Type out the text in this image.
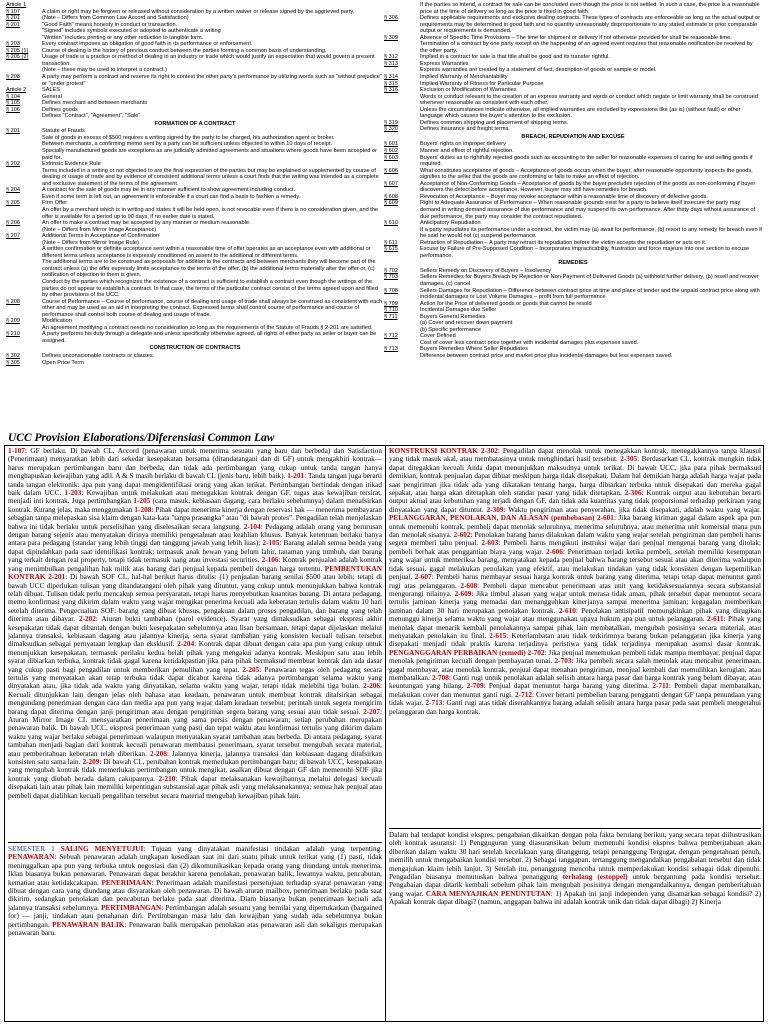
Article 1
§ 107	A claim or right may be forgiven or released without consideration by a written waiver or release signed by the aggrieved party.
§ 201	(Note – Differs from Common Law Accord and Satisfaction)
§ 201	"Good Faith" means honesty in conduct or transaction.
"Signed" includes symbols executed or adopted to authenticate a writing
"Written" includes printing or any other reduction to tangible form.
§ 203	Every contract imposes an obligation of good faith in its performance or enforcement.
§ 205 (1)	Course of dealing is the history of previous conduct between the parties forming a common basis of understanding.
§ 205 (2)	Usage of trade is a practice or method of dealing in an industry or trade which would justify an expectation that would govern a present transaction.
(Note – these may be used to interpret a contract.)
§ 208	A party may perform a contract and reserve its right to contest the other party's performance by utilizing words such as "without prejudice" or "under protest"
Article 2	SALES
§ 104	General
§ 105	Defines merchant and between merchants
§ 106	Defines goods
Defines "Contract", "Agreement", "Sale"
FORMATION OF A CONTRACT
§ 201	Statute of Frauds
Sale of goods in excess of $500 requires a writing signed by the party to be charged, his authorization agent or broker.
Between merchants, a confirming memo sent by a party can be sufficient unless objected to within 10 days of receipt.
Specially manufactured goods are exceptions as are judicially admitted agreements and situations where goods have been accepted or paid for.
§ 202	Extrinsic Evidence Rule
Terms included in a writing or not objected to are the final expression of the parties but may be explained or supplemented by course of dealing or usage of trade and by evidence of consistent additional terms unless a court finds that the writing was intended as a complete and exclusive statement of the terms of the agreement.
§ 204	A contract for the sale of goods may be in any manner sufficient to show agreement including conduct.
Even if some term is left out, an agreement is enforceable if a court can find a basis to fashion a remedy.
§ 205	Firm Offer
An offer by a merchant which is in writing and states it will be held open, is not revocable even if there is no consideration given, and the offer is available for a period up to 90 days, if no earlier date is stated.
§ 206	An offer to make a contract may be accepted by any manner or medium reasonable.
(Note – Differs from Mirror Image Acceptance)
§ 207	Additional Terms in Acceptance of Confirmation
(Note – Differs from Mirror Image Rule)
A written confirmation or definite acceptance sent within a reasonable time of offer operates as an acceptance even with additional or different terms unless acceptance is expressly conditioned on assent to the additional or different terms.
The additional terms are to be construed as proposals for addition to the contracts and between merchants they will become part of the contract unless (a) the offer expressly limits acceptance to the terms of the offer, (b) the additional terms materially alter the offer or, (c) notification of objection to them is given.
Conduct by the parties which recognizes the existence of a contract is sufficient to establish a contract even though the writings of the parties do not appear to establish a contract. In that case, the terms of the particular contract consist of the terms agreed upon and filled by other provisions of the UCC.
§ 208	Course of Performance – Course of performance, course of dealing and usage of trade shall always be construed as consistent with each other and may be used as an aid in interpreting the contract. Expressed terms shall control course of performance and course of performance shall control both course of dealing and usage of trade.
§ 209	Modification
An agreement modifying a contract needs no consideration so long as the requirements of the Statute of Frauds § 2-201 are satisfied.
§ 210	A party performs his duty through a delegate and unless specifically otherwise agreed, all rights of either party as seller or buyer can be assigned.
CONSTRUCTION OF CONTRACTS
§ 302	Defines unconscionable contracts or clauses.
§ 305	Open Price Term
If the parties so intend, a contract for sale can be concluded even though the price is not settled. In such a case, the price is a reasonable price at the time of delivery so long as the price is fixed in good faith.
§ 306	Defines applicable requirements and exclusive dealing contracts. These types of contracts are enforceable so long as the actual output or requirements may be determined in good faith and no quantity unreasonably disproportionate to any stated estimate or prior comparable output or requirements is demanded.
§ 309	Absence of Specific Time Provisions – The time for shipment or delivery if not otherwise provided for shall be reasonable time. Termination of a contract by one party except on the happening of an agreed event requires that reasonable notification be received by the other party.
§ 312	Implied in a contract for sale is that title shall be good and its transfer rightful.
§ 313	Express Warranties
Express warranties are created by a statement of fact, description of goods or sample or model.
§ 314	Implied Warranty of Merchantability
§ 315	Implied Warranty of Fitness for Particular Purpose
§ 316	Exclusion or Modification of Warranties
Words or conduct relevant to the creation of an express warranty and words or conduct which negate or limit warranty shall be construed whenever reasonable as consistent with each other.
Unless the circumstances indicate otherwise, all implied warranties are excluded by expressions like (as is) (without fault) or other language which causes the buyer's attention to the exclusion.
§ 319	Defines common shipping and placement of shipping terms.
§ 320	Defines insurance and freight terms.
BREACH, REPUDIATION AND EXCUSE
§ 601	Buyers' rights on improper delivery
§ 602	Manner and effect of rightful rejection.
§ 603	Buyers' duties as to rightfully rejected goods such as accounting to the seller for reasonable expenses of caring for and selling goods if required.
§ 606	What constitutes acceptance of goods – Acceptance of goods occurs when the buyer, after reasonable opportunity inspects the goods, signifies to the seller that the goods are conforming or fails to make an effect of rejection.
§ 607	Acceptance of Non-Conforming Goods – Acceptance of goods by the buyer precludes rejection of the goods as non-conforming if buyer discovers the defect before acceptance. However, buyer may still have remedies for breach.
§ 608	Revocation of Acceptance – Buyer may revoke acceptance within a reasonable time of discovery of defective goods.
§ 609	Right to Adequate Assurance of Performance – When reasonable grounds exist for a party to believe itself insecure the party may demand in writing demand assurance of due performance and may suspend its own performance. After thirty days without assurance of due performance, the party may consider the contract repudiated.
§ 610	Anticipatory Repudiation
If a party repudiates its performance under a contract, the victim may (a) await for performance, (b) resort to any remedy for breach even if he said he would not (c) suspend performance.
§ 611	Retraction of Repudiation – A party may retract its repudiation before the victim accepts the repudiation or acts on it.
§ 615	Excuse by Failure of Pre-Supposed Condition – Incorporates impracticability, frustration and force majeure into one section to excuse performance.
REMEDIES
§ 702	Sellers Remedy on Discovery of Buyers – Insolvency
§ 703	Sellers Remedies for Buyers Breach by Rejection or Non-Payment of Delivered Goods (a) withhold further delivery, (b) resell and recover damages, (c) cancel
§ 708	Sellers Damages for Repudiation – Difference between contract price at time and place of tender and the unpaid contract price along with incidental damages or Lost Volume Damages – profit from full performance
§ 709	Action for the Price of delivered goods or goods that cannot be resold
§ 710	Incidental Damages due Seller
§ 711	Buyers General Remedies
(a) Cover and recover down payment
(b) Specific performance
§ 712	Cover Defined
Cost of cover less contract price together with incidental damages plus expenses saved.
§ 713	Buyers Remedies Where Seller Repudiates
Difference between contract price and market price plus incidental damages but less expenses saved.
UCC Provision Elaborations/Diferensiasi Common Law

1-107: GF berlaku. Di bawah CL, Accord (penawaran untuk menerima sesuatu yang baru dan berbeda) dan Satisfaction (Penerimaan) menyaratkan lebih dari sekedar kesepakatan bersama (ditandatangani dan di GF) untuk mengakhiri kontrak—harus merupakan pertimbangan baru dan berbeda, dan tidak ada pertimbangan yang cukup untuk tanda tangan hanya menghapuskan kewajiban yang adil. A & S masih berlaku di bawah CL (jenis baru, lebih baik). 1-201: Tanda tangan juga berarti tanda tangan elektronik: apa pun yang dapat mengidentifikasi orang yang akan terikat. Pertimbangan bertindak dengan itikad baik dalam UCC. 1-203: Kewajiban untuk melakukan atau menegakkan kontrak dengan GF, tugas atas kewajiban tersirat, menjadi inti kontrak. Juga pertimbangkan 1-205 (cara masuk, kebiasaan dagang, cara berlaku sebelumnya) dalam menafsirkan kontrak. Kurang jelas, maka menggunakan 1-208: Pihak dapat menerima kinerja dengan reservasi hak — menerima pembayaran sebagian tanpa melepaskan sisa klaim dengan kata-kata "tanpa prasangka" atau "di bawah protes". Pengadilan telah menjelaskan bahwa ini tidak berlaku untuk perselisihan yang diselesaikan secara langsung. 2-104: Pedagang adalah orang yang berurusan dengan barang sejenis atau menyatakan dirinya memiliki pengetahuan atau keahlian khusus. Banyak ketentuan berlaku hanya antara para pedagang (standar yang lebih tinggi dan tanggung jawab yang lebih luas); 2-105: Barang adalah semua benda yang dapat dipindahkan pada saat identifikasi kontrak; termasuk anak hewan yang belum lahir, tanaman yang tumbuh, dan barang yang terkait dengan real property, tetapi tidak termasuk uang atau investasi securities. 2-106: Kontrak penjualan adalah kontrak yang menimbulkan pengalihan hak milik atas barang dari penjual kepada pembeli dengan harga tertentu. PEMBENTUKAN KONTRAK 2-201: Di bawah SOF CL, hal-hal berikut harus ditulis: (1) penjualan barang senilai $500 atau lebih; tetapi di bawah UCC diperlukan tulisan yang ditandatangani oleh pihak yang dituntut, yang cukup untuk menunjukkan bahwa kontrak telah dibuat. Tulisan tidak perlu mencakup semua persyaratan, tetapi harus menyebutkan kuantitas barang. Di antara pedagang, memo konfirmasi yang dikirim dalam waktu yang wajar mengikat penerima kecuali ada keberatan tertulis dalam waktu 10 hari setelah diterima. Pengecualian SOF: barang yang dibuat khusus, pengakuan dalam proses pengadilan, dan barang yang telah diterima atau dibayar. 2-202: Aturan bukti tambahan (parol evidence). Syarat yang dimaksudkan sebagai ekspresi akhir kesepakatan tidak dapat dibantah dengan bukti kesepakatan sebelumnya atau lisan bersamaan, tetapi dapat dijelaskan melalui jalannya transaksi, kebiasaan dagang atau jalannya kinerja, serta syarat tambahan yang konsisten kecuali tulisan tersebut dimaksudkan sebagai pernyataan lengkap dan eksklusif. 2-204: Kontrak dapat dibuat dengan cara apa pun yang cukup untuk menunjukkan kesepakatan, termasuk perilaku kedua belah pihak yang mengakui adanya kontrak. Meskipun satu atau lebih syarat dibiarkan terbuka, kontrak tidak gagal karena ketidakpastian jika para pihak bermaksud membuat kontrak dan ada dasar yang cukup pasti bagi pengadilan untuk memberikan pemulihan yang tepat. 2-205: Penawaran tegas oleh pedagang secara tertulis yang menyatakan akan tetap terbuka tidak dapat dicabut karena tidak adanya pertimbangan selama waktu yang dinyatakan atau, jika tidak ada waktu yang dinyatakan, selama waktu yang wajar, tetapi tidak melebihi tiga bulan. 2-206: Kecuali ditunjukkan lain dengan jelas oleh bahasa atau keadaan, penawaran untuk membuat kontrak ditafsirkan sebagai mengundang penerimaan dengan cara dan media apa pun yang wajar dalam keadaan tersebut; perintah untuk segera mengirim barang dapat diterima dengan janji pengiriman atau dengan pengiriman segera barang yang sesuai atau tidak sesuai. 2-207: Aturan Mirror Image CL mensyaratkan penerimaan yang sama persis dengan penawaran; setiap perubahan merupakan penawaran balik. Di bawah UCC, ekspresi penerimaan yang pasti dan tepat waktu atau konfirmasi tertulis yang dikirim dalam waktu yang wajar berlaku sebagai penerimaan walaupun menyatakan syarat tambahan atau berbeda. Di antara pedagang, syarat tambahan menjadi bagian dari kontrak kecuali penawaran membatasi penerimaan, syarat tersebut mengubah secara material, atau pemberitahuan keberatan telah diberikan. 2-208: Jalannya kinerja, jalannya transaksi dan kebiasaan dagang ditafsirkan konsisten satu sama lain. 2-209: Di bawah CL, perubahan kontrak memerlukan pertimbangan baru; di bawah UCC, kesepakatan yang mengubah kontrak tidak memerlukan pertimbangan untuk mengikat, asalkan dibuat dengan GF dan memenuhi SOF jika kontrak yang diubah berada dalam cakupannya. 2-210: Pihak dapat melaksanakan kewajibannya melalui delegasi kecuali disepakati lain atau pihak lain memiliki kepentingan substansial agar pihak asli yang melaksanakannya; semua hak penjual atau pembeli dapat dialihkan kecuali pengalihan tersebut secara material mengubah kewajiban pihak lain.

KONSTRUKSI KONTRAK 2-302: Pengadilan dapat menolak untuk menegakkan kontrak, menegakkannya tanpa klausul yang tidak masuk akal, atau membatasinya untuk menghindari hasil tersebut. 2-305: Berdasarkan CL, kontrak mungkin tidak dapat ditegakkan kecuali Anda dapat menunjukkan maksudnya untuk terikat. Di bawah UCC, jika para pihak bermaksud demikian, kontrak penjualan dapat dibuat meskipun harga tidak disepakati. Dalam hal demikian harga adalah harga wajar pada saat pengiriman jika tidak ada yang dikatakan tentang harga, harga dibiarkan terbuka untuk disepakati dan mereka gagal sepakat, atau harga akan ditetapkan oleh standar pasar yang tidak ditetapkan. 2-306: Kontrak output atau kebutuhan berarti output aktual atau kebutuhan yang terjadi dengan GF, dan tidak ada kuantitas yang tidak proporsional terhadap perkiraan yang dinyatakan yang dapat dituntut. 2-309: Waktu pengiriman atau penyerahan, jika tidak disepakati, adalah waktu yang wajar. PELANGGARAN, PENOLAKAN, DAN ALASAN (pembebasan) 2-601: Jika barang kiriman gagal dalam aspek apa pun untuk memenuhi kontrak, pembeli dapat menolak seluruhnya, menerima seluruhnya, atau menerima unit komersial mana pun dan menolak sisanya. 2-602: Penolakan barang harus dilakukan dalam waktu yang wajar setelah pengiriman dan pembeli harus segera memberi tahu penjual. 2-603: Pembeli harus mengikuti instruksi wajar dari penjual mengenai barang yang ditolak; pembeli berhak atas penggantian biaya yang wajar. 2-606: Penerimaan terjadi ketika pembeli, setelah memiliki kesempatan yang wajar untuk memeriksa barang, menyatakan kepada penjual bahwa barang tersebut sesuai atau akan diterima walaupun tidak sesuai, gagal melakukan penolakan yang efektif, atau melakukan tindakan yang tidak konsisten dengan kepemilikan penjual. 2-607: Pembeli harus membayar sesuai harga kontrak untuk barang yang diterima, tetapi tetap dapat menuntut ganti rugi atas pelanggaran. 2-608: Pembeli dapat mencabut penerimaan atas unit yang ketidaksesuaiannya secara substansial mengurangi nilainya. 2-609: Jika timbul alasan yang wajar untuk merasa tidak aman, pihak tersebut dapat menuntut secara tertulis jaminan kinerja yang memadai dan menangguhkan kinerjanya sampai menerima jaminan; kegagalan memberikan jaminan dalam 30 hari merupakan penolakan kontrak. 2-610: Penolakan antisipatif memungkinkan pihak yang dirugikan menunggu kinerja selama waktu yang wajar atau menggunakan upaya hukum apa pun untuk pelanggaran. 2-611: Pihak yang menolak dapat menarik kembali penolakannya sampai pihak lain membatalkan, mengubah posisinya secara material, atau menyatakan penolakan itu final. 2-615: Keterlambatan atau tidak terkirimnya barang bukan pelanggaran jika kinerja yang disepakati menjadi tidak praktis karena terjadinya peristiwa yang tidak terjadinya merupakan asumsi dasar kontrak. PENGANGGARAN PERBAIKAN (remedi) 2-702: Jika penjual menemukan pembeli tidak mampu membayar, penjual dapat menolak pengiriman kecuali dengan pembayaran tunai. 2-703: Jika pembeli secara salah menolak atau mencabut penerimaan, gagal membayar, atau menolak kontrak, penjual dapat menahan pengiriman, menjual kembali dan memulihkan kerugian, atau membatalkan. 2-708: Ganti rugi untuk penolakan adalah selisih antara harga pasar dan harga kontrak yang belum dibayar, atau keuntungan yang hilang. 2-709: Penjual dapat menuntut harga barang yang diterima. 2-711: Pembeli dapat membatalkan, melakukan cover dan menuntut ganti rugi. 2-712: Cover berarti pembelian barang pengganti dengan GF tanpa penundaan yang tidak wajar. 2-713: Ganti rugi atas tidak diserahkannya barang adalah selisih antara harga pasar pada saat pembeli mengetahui pelanggaran dan harga kontrak.

SEMESTER 1 SALING MENYETUJUI: Tujuan yang dinyatakan manifestasi tindakan adalah yang terpenting. PENAWARAN: Sebuah penawaran adalah ungkapan kesediaan saat ini dari suatu pihak untuk terikat yang (1) pasti, tidak meninggalkan apa pun yang terbuka untuk negosiasi dan (2) dikomunikasikan kepada orang yang diundang untuk menerima. Iklan biasanya bukan penawaran. Penawaran dapat berakhir karena penolakan, penawaran balik, lewatnya waktu, pencabutan, kematian atau ketidakcakapan. PENERIMAAN: Penerimaan adalah manifestasi persetujuan terhadap syarat penawaran yang dibuat dengan cara yang diundang atau disyaratkan oleh penawaran. Di bawah aturan mailbox, penerimaan berlaku pada saat dikirim, sedangkan penolakan dan pencabutan berlaku pada saat diterima. Diam biasanya bukan penerimaan kecuali ada jalannya transaksi sebelumnya. PERTIMBANGAN: Pertimbangan adalah sesuatu yang bernilai yang dipertukarkan (bargained for) — janji, tindakan atau penahanan diri. Pertimbangan masa lalu dan kewajiban yang sudah ada sebelumnya bukan pertimbangan. PENAWARAN BALIK: Penawaran balik merupakan penolakan atas penawaran asli dan sekaligus merupakan penawaran baru.

Dalam hal terdapat kondisi ekspres, pengabaian dikaitkan dengan pola fakta berulang berikut, yang secara tepat diilustrasikan oleh kontrak asuransi: 1) Pengguguran yang diasuransikan belum memenuhi kondisi ekspres bahwa pemberitahuan akan diberikan dalam waktu 30 hari setelah kecelakaan yang ditanggung, tetapi penanggung Tergugat, dengan pengetahuan penuh, memilih untuk mengabaikan kondisi tersebut. 2) Sebagai tanggapan, tertanggung mengandalkan pengabaian tersebut dan tidak mengajukan klaim lebih lanjut. 3) Setelah itu, penanggung mencoba untuk memperlakukan kondisi sebagai tidak dipenuhi. Pengadilan biasanya memutuskan bahwa penanggung terhalang (estoppel) untuk bergantung pada kondisi tersebut. Pengabaian dapat ditarik kembali sebelum pihak lain mengubah posisinya dengan mengandalkannya, dengan pemberitahuan yang wajar. CARA MENYAJIKAN PENUNTUTAN: 1) Apakah ini janji independen yang disamarkan sebagai kondisi? 2) Apakah kontrak dapat dibagi? (namun, anggapan bahwa ini adalah kontrak unik dan tidak dapat dibagi) 2) Kinerja
